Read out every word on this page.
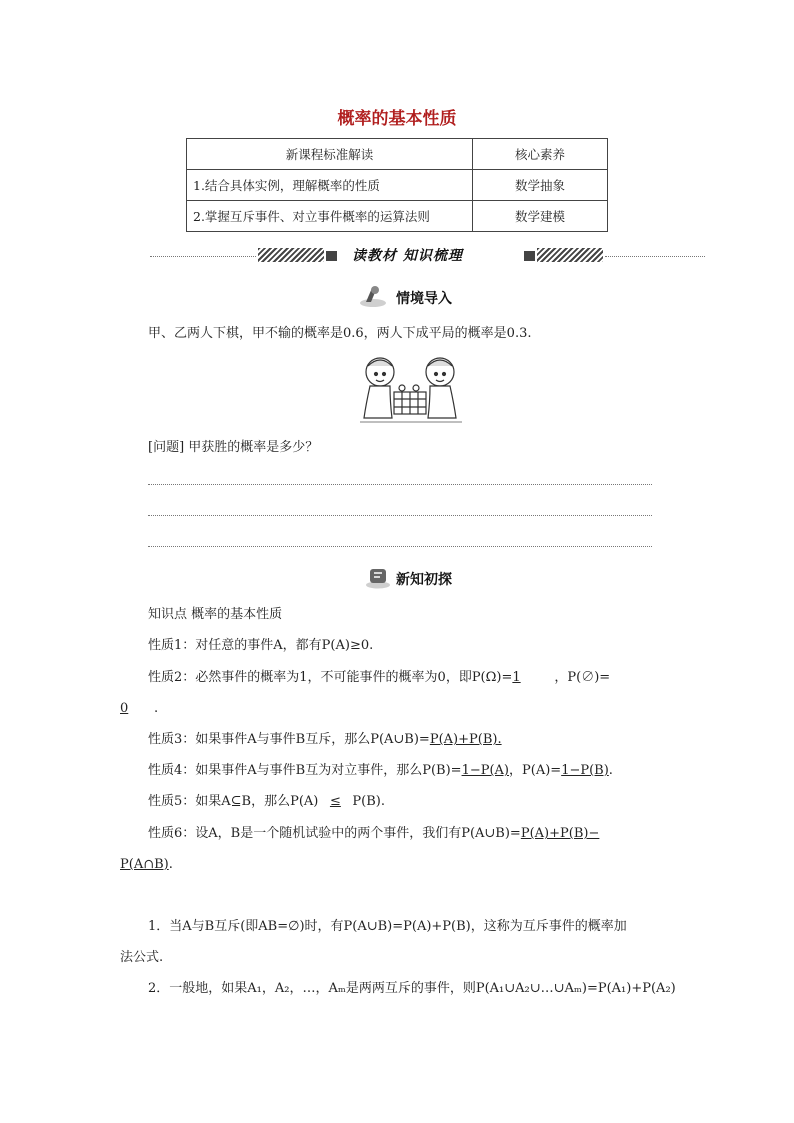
概率的基本性质
新课程标准解读	核心素养
1.结合具体实例，理解概率的性质	数学抽象
2.掌握互斥事件、对立事件概率的运算法则	数学建模
读教材 知识梳理
情境导入
甲、乙两人下棋，甲不输的概率是0.6，两人下成平局的概率是0.3.
[问题] 甲获胜的概率是多少？
新知初探
知识点 概率的基本性质
性质1：对任意的事件A，都有P(A)≥0.
性质2：必然事件的概率为1，不可能事件的概率为0，即P(Ω)=1	，P(∅)=
0 .
性质3：如果事件A与事件B互斥，那么P(A∪B)=P(A)+P(B).
性质4：如果事件A与事件B互为对立事件，那么P(B)=1−P(A)，P(A)=1−P(B).
性质5：如果A⊆B，那么P(A) ≤ P(B).
性质6：设A，B是一个随机试验中的两个事件，我们有P(A∪B)=P(A)+P(B)−
P(A∩B).
1．当A与B互斥(即AB=∅)时，有P(A∪B)=P(A)+P(B)，这称为互斥事件的概率加
法公式.
2．一般地，如果A₁，A₂，…，Aₘ是两两互斥的事件，则P(A₁∪A₂∪…∪Aₘ)=P(A₁)+P(A₂)
